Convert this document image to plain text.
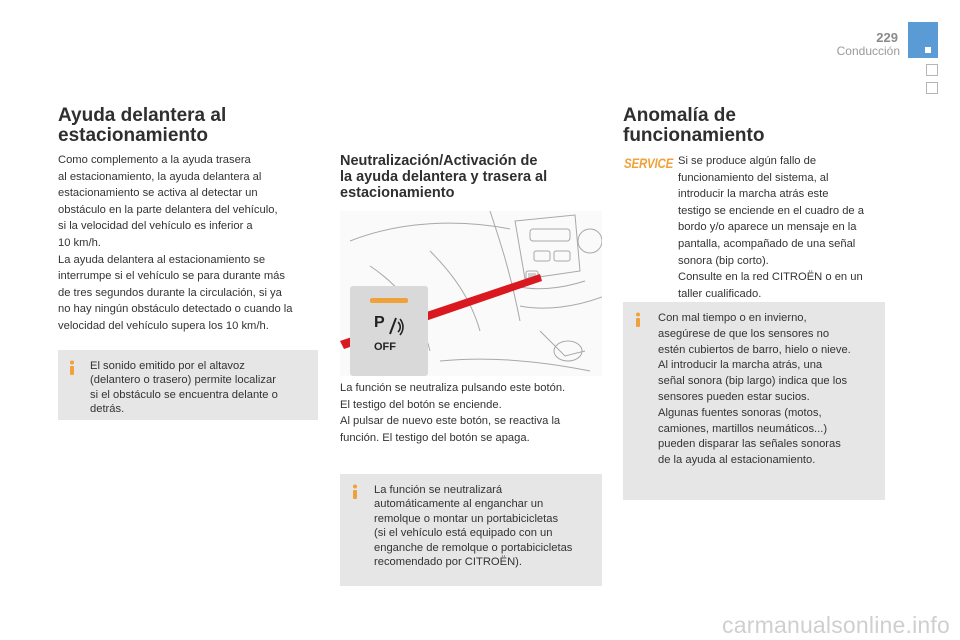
229
Conducción
Ayuda delantera al
estacionamiento

Como complemento a la ayuda trasera
al estacionamiento, la ayuda delantera al
estacionamiento se activa al detectar un
obstáculo en la parte delantera del vehículo,
si la velocidad del vehículo es inferior a
10 km/h.
La ayuda delantera al estacionamiento se
interrumpe si el vehículo se para durante más
de tres segundos durante la circulación, si ya
no hay ningún obstáculo detectado o cuando la
velocidad del vehículo supera los 10 km/h.

El sonido emitido por el altavoz
(delantero o trasero) permite localizar
si el obstáculo se encuentra delante o
detrás.
Neutralización/Activación de
la ayuda delantera y trasera al
estacionamiento
P
OFF

La función se neutraliza pulsando este botón.
El testigo del botón se enciende.
Al pulsar de nuevo este botón, se reactiva la
función. El testigo del botón se apaga.

La función se neutralizará
automáticamente al enganchar un
remolque o montar un portabicicletas
(si el vehículo está equipado con un
enganche de remolque o portabicicletas
recomendado por CITROËN).
Anomalía de
funcionamiento
SERVICE Si se produce algún fallo de
funcionamiento del sistema, al
introducir la marcha atrás este
testigo se enciende en el cuadro de a
bordo y/o aparece un mensaje en la
pantalla, acompañado de una señal
sonora (bip corto).
Consulte en la red CITROËN o en un
taller cualificado.

Con mal tiempo o en invierno,
asegúrese de que los sensores no
estén cubiertos de barro, hielo o nieve.
Al introducir la marcha atrás, una
señal sonora (bip largo) indica que los
sensores pueden estar sucios.
Algunas fuentes sonoras (motos,
camiones, martillos neumáticos...)
pueden disparar las señales sonoras
de la ayuda al estacionamiento.
carmanualsonline.info
